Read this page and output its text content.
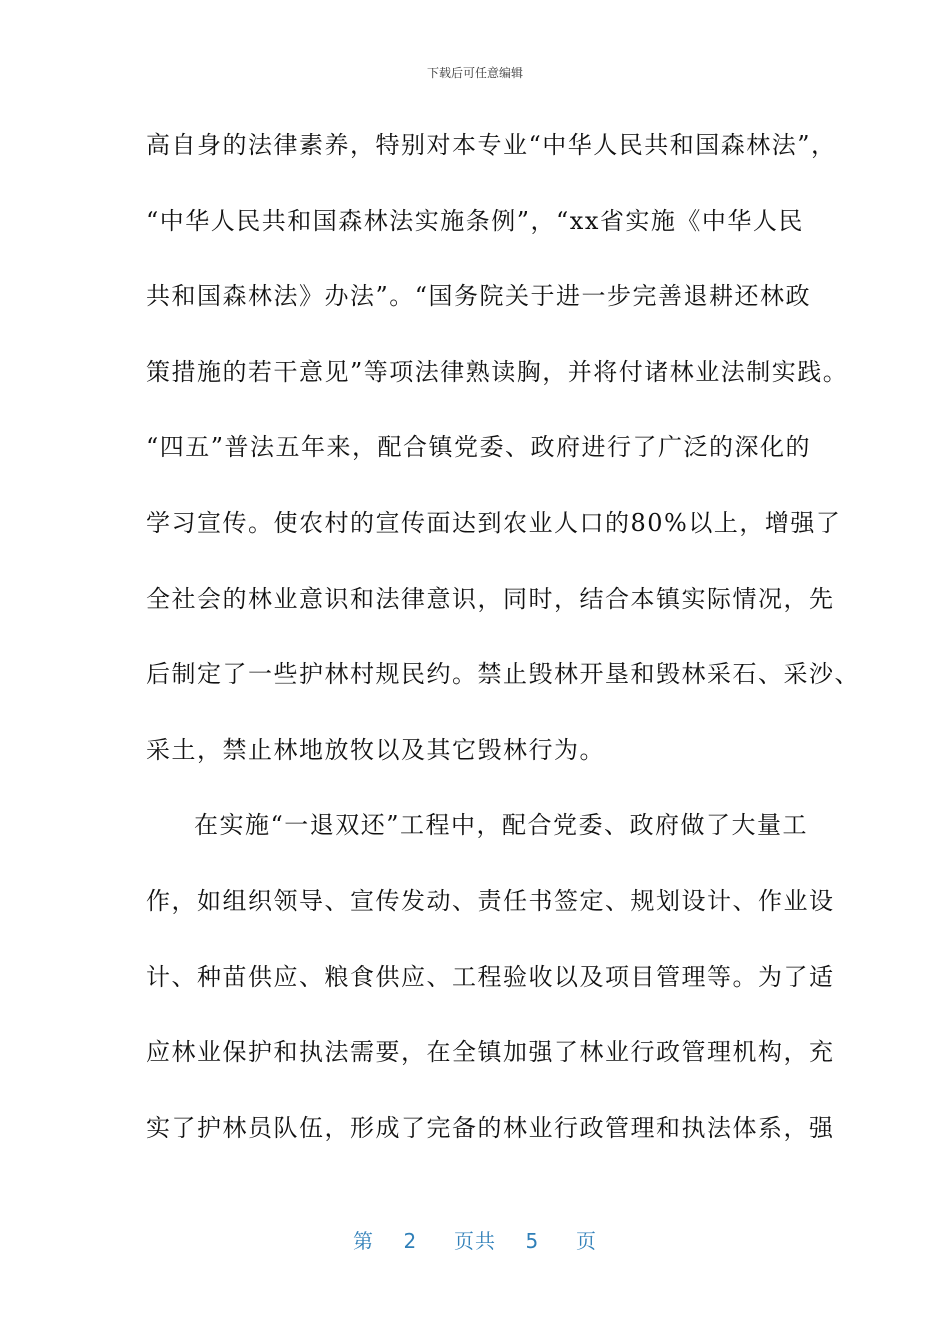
下载后可任意编辑
高自身的法律素养，特别对本专业“中华人民共和国森林法”，
“中华人民共和国森林法实施条例”，“xx省实施《中华人民
共和国森林法》办法”。“国务院关于进一步完善退耕还林政
策措施的若干意见”等项法律熟读胸，并将付诸林业法制实践。
“四五”普法五年来，配合镇党委、政府进行了广泛的深化的
学习宣传。使农村的宣传面达到农业人口的80%以上，增强了
全社会的林业意识和法律意识，同时，结合本镇实际情况，先
后制定了一些护林村规民约。禁止毁林开垦和毁林采石、采沙、
采土，禁止林地放牧以及其它毁林行为。
在实施“一退双还”工程中，配合党委、政府做了大量工
作，如组织领导、宣传发动、责任书签定、规划设计、作业设
计、种苗供应、粮食供应、工程验收以及项目管理等。为了适
应林业保护和执法需要，在全镇加强了林业行政管理机构，充
实了护林员队伍，形成了完备的林业行政管理和执法体系，强
第 2 页共 5 页
